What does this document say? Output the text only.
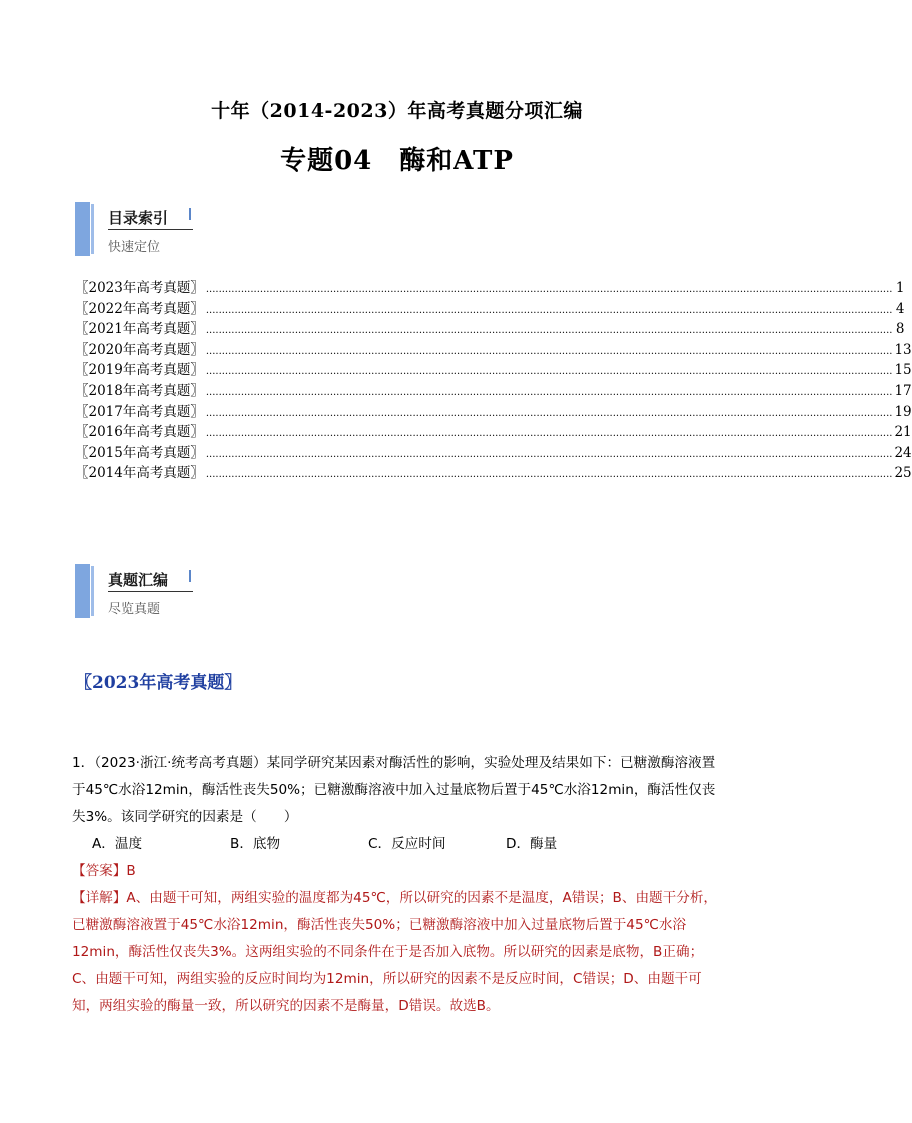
十年（2014-2023）年高考真题分项汇编
专题04　酶和ATP
目录索引
快速定位
〖2023年高考真题〗 ........................................................................................................................................................................................................................ 1
〖2022年高考真题〗 ........................................................................................................................................................................................................................ 4
〖2021年高考真题〗 ........................................................................................................................................................................................................................ 8
〖2020年高考真题〗 ........................................................................................................................................................................................................................ 13
〖2019年高考真题〗 ........................................................................................................................................................................................................................ 15
〖2018年高考真题〗 ........................................................................................................................................................................................................................ 17
〖2017年高考真题〗 ........................................................................................................................................................................................................................ 19
〖2016年高考真题〗 ........................................................................................................................................................................................................................ 21
〖2015年高考真题〗 ........................................................................................................................................................................................................................ 24
〖2014年高考真题〗 ........................................................................................................................................................................................................................ 25
真题汇编
尽览真题
〖2023年高考真题〗

1．（2023·浙江·统考高考真题）某同学研究某因素对酶活性的影响，实验处理及结果如下：已糖激酶溶液置于45℃水浴12min，酶活性丧失50%；已糖激酶溶液中加入过量底物后置于45℃水浴12min，酶活性仅丧失3%。该同学研究的因素是（　　）

A．温度	B．底物	C．反应时间	D．酶量

【答案】B

【详解】A、由题干可知，两组实验的温度都为45℃，所以研究的因素不是温度，A错误；B、由题干分析，已糖激酶溶液置于45℃水浴12min，酶活性丧失50%；已糖激酶溶液中加入过量底物后置于45℃水浴12min，酶活性仅丧失3%。这两组实验的不同条件在于是否加入底物。所以研究的因素是底物，B正确；C、由题干可知，两组实验的反应时间均为12min，所以研究的因素不是反应时间，C错误；D、由题干可知，两组实验的酶量一致，所以研究的因素不是酶量，D错误。故选B。
